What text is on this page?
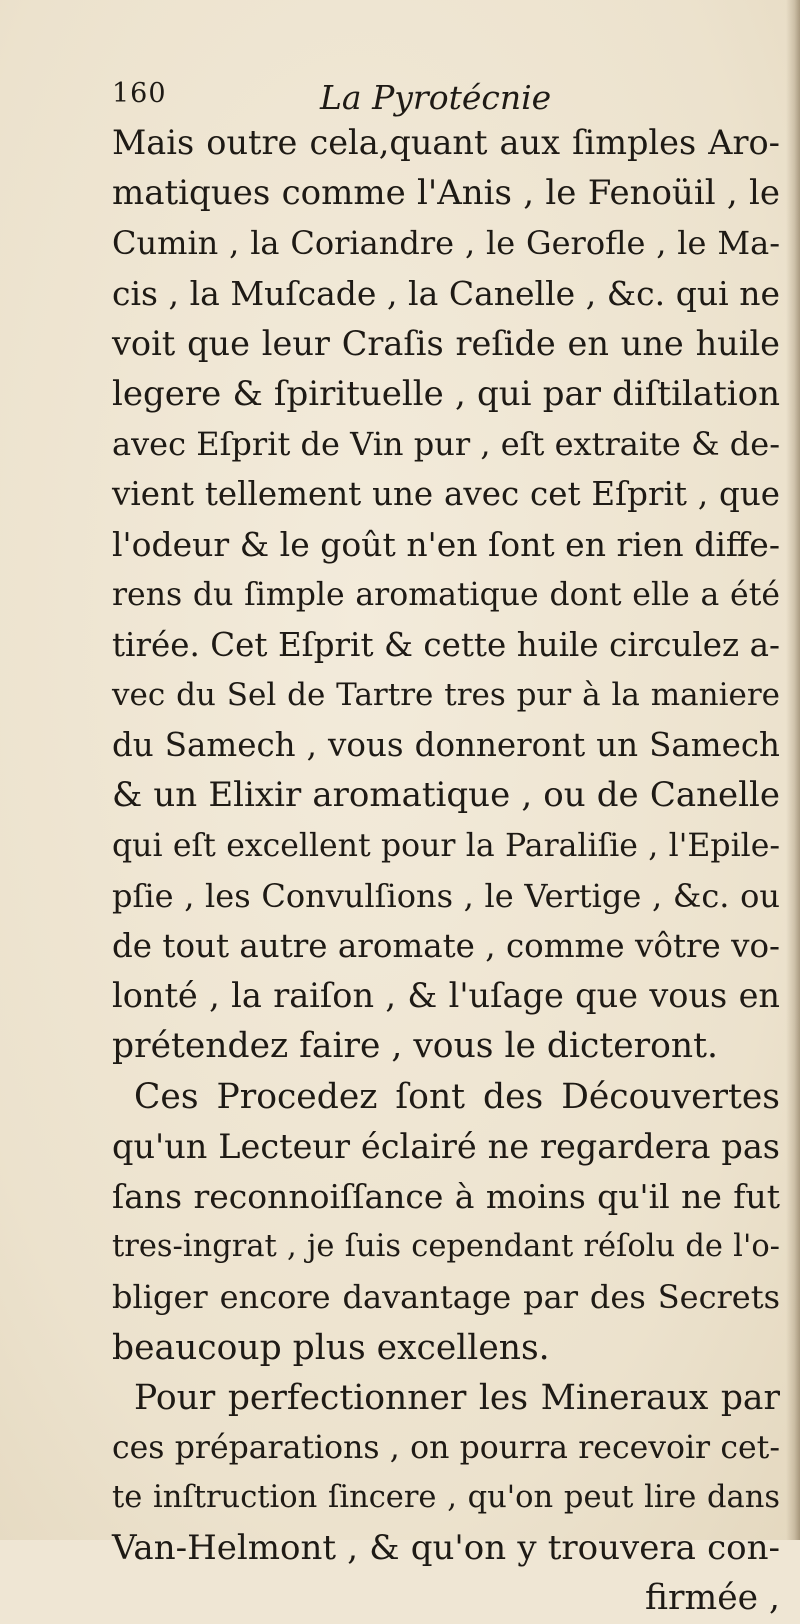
160	La Pyrotécnie
Mais outre cela,quant aux ſimples Aro-
matiques comme l'Anis , le Fenoüil , le
Cumin , la Coriandre , le Gerofle , le Ma-
cis , la Muſcade , la Canelle , &c. qui ne
voit que leur Craſis reſide en une huile
legere & ſpirituelle , qui par diſtilation
avec Eſprit de Vin pur , eſt extraite & de-
vient tellement une avec cet Eſprit , que
l'odeur & le goût n'en ſont en rien diffe-
rens du ſimple aromatique dont elle a été
tirée. Cet Eſprit & cette huile circulez a-
vec du Sel de Tartre tres pur à la maniere
du Samech , vous donneront un Samech
& un Elixir aromatique , ou de Canelle
qui eſt excellent pour la Paraliſie , l'Epile-
pſie , les Convulſions , le Vertige , &c. ou
de tout autre aromate , comme vôtre vo-
lonté , la raiſon , & l'uſage que vous en
prétendez faire , vous le dicteront.
Ces Procedez ſont des Découvertes
qu'un Lecteur éclairé ne regardera pas
ſans reconnoiſſance à moins qu'il ne fut
tres-ingrat , je ſuis cependant réſolu de l'o-
bliger encore davantage par des Secrets
beaucoup plus excellens.
Pour perfectionner les Mineraux par
ces préparations , on pourra recevoir cet-
te inſtruction ſincere , qu'on peut lire dans
Van-Helmont , & qu'on y trouvera con-
firmée ,
